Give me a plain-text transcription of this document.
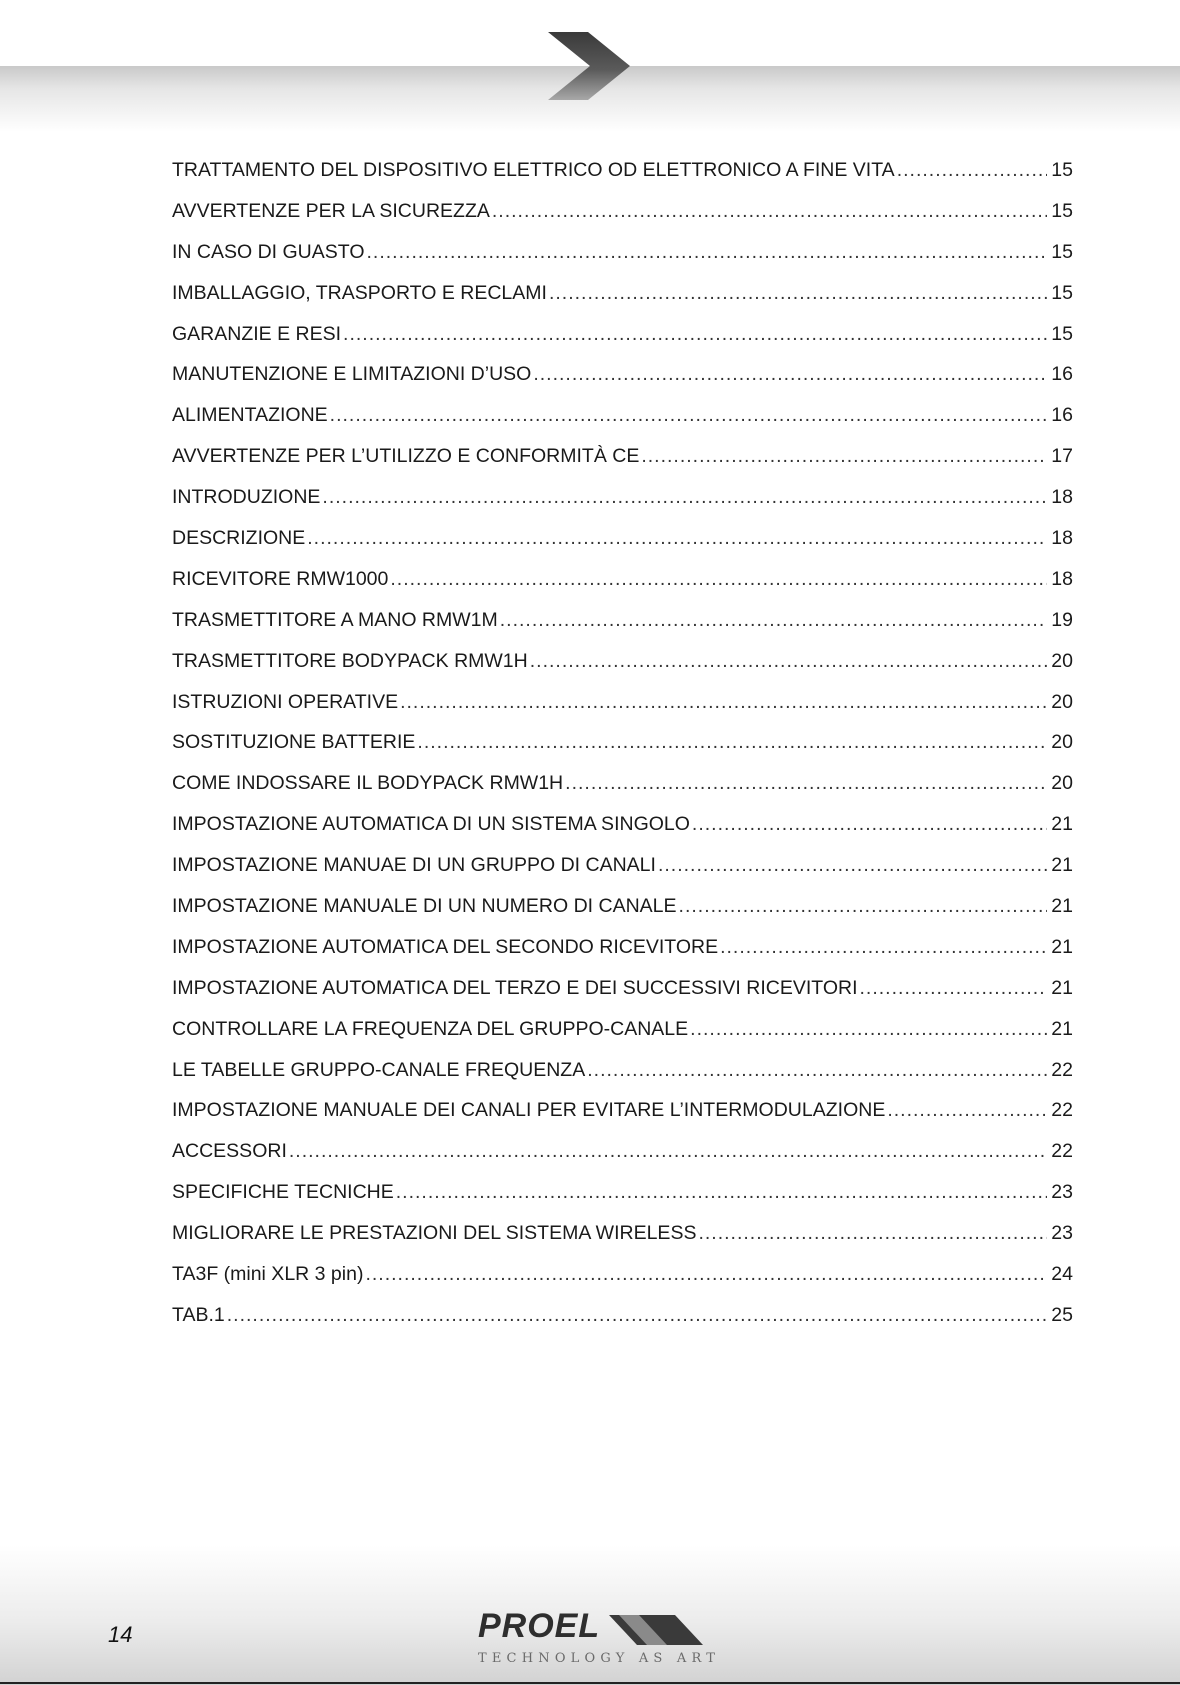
TRATTAMENTO DEL DISPOSITIVO ELETTRICO OD ELETTRONICO A FINE VITA .....	15
AVVERTENZE PER LA SICUREZZA .....	15
IN CASO DI GUASTO .....	15
IMBALLAGGIO, TRASPORTO E RECLAMI .....	15
GARANZIE E RESI .....	15
MANUTENZIONE E LIMITAZIONI D’USO .....	16
ALIMENTAZIONE .....	16
AVVERTENZE PER L’UTILIZZO E CONFORMITÀ CE .....	17
INTRODUZIONE .....	18
DESCRIZIONE .....	18
RICEVITORE RMW1000 .....	18
TRASMETTITORE A MANO RMW1M .....	19
TRASMETTITORE BODYPACK RMW1H .....	20
ISTRUZIONI OPERATIVE .....	20
SOSTITUZIONE BATTERIE .....	20
COME INDOSSARE IL BODYPACK RMW1H .....	20
IMPOSTAZIONE AUTOMATICA DI UN SISTEMA SINGOLO .....	21
IMPOSTAZIONE MANUAE DI UN GRUPPO DI CANALI .....	21
IMPOSTAZIONE MANUALE DI UN NUMERO DI CANALE .....	21
IMPOSTAZIONE AUTOMATICA DEL SECONDO RICEVITORE .....	21
IMPOSTAZIONE AUTOMATICA DEL TERZO E DEI SUCCESSIVI RICEVITORI .....	21
CONTROLLARE LA FREQUENZA DEL GRUPPO-CANALE .....	21
LE TABELLE GRUPPO-CANALE FREQUENZA .....	22
IMPOSTAZIONE MANUALE DEI CANALI PER EVITARE L’INTERMODULAZIONE .....	22
ACCESSORI .....	22
SPECIFICHE TECNICHE .....	23
MIGLIORARE LE PRESTAZIONI DEL SISTEMA WIRELESS .....	23
TA3F (mini XLR 3 pin) .....	24
TAB.1 .....	25
14	PROEL
TECHNOLOGY AS ART
